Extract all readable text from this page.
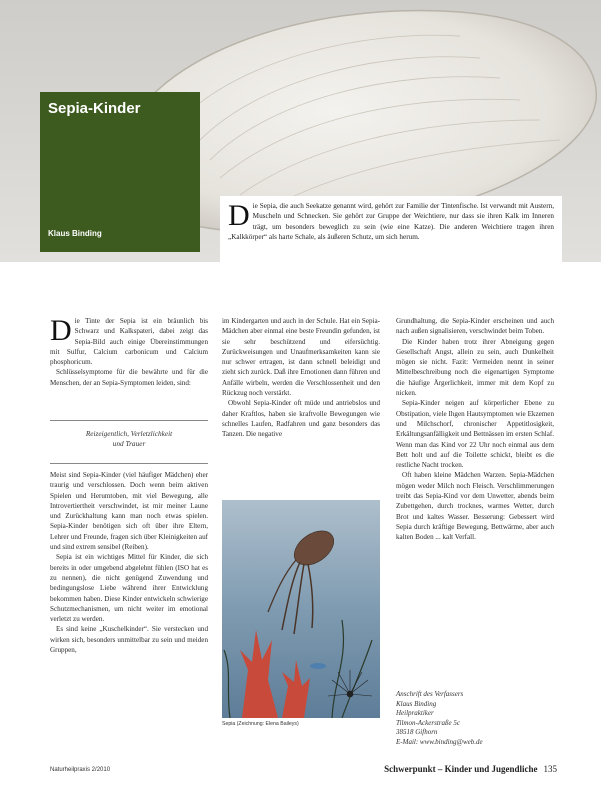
Sepia-Kinder
Klaus Binding
Die Sepia, die auch Seekatze genannt wird, gehört zur Familie der Tintenfische. Ist verwandt mit Austern, Muscheln und Schnecken. Sie gehört zur Gruppe der Weichtiere, nur dass sie ihren Kalk im Inneren trägt, um besonders beweglich zu sein (wie eine Katze). Die anderen Weichtiere tragen ihren „Kalkkörper“ als harte Schale, als äußeren Schutz, um sich herum.

Die Tinte der Sepia ist ein bräunlich bis Schwarz und Kalkspateri, dabei zeigt das Sepia-Bild auch einige Übereinstimmungen mit Sulfur, Calcium carbonicum und Calcium phosphoricum.

Schlüsselsymptome für die bewährte und für die Menschen, der an Sepia-Symptomen leiden, sind:

Reizeigentlich, Verletzlichkeit
und Trauer

Meist sind Sepia-Kinder (viel häufiger Mädchen) eher traurig und verschlossen. Doch wenn beim aktiven Spielen und Herumtoben, mit viel Bewegung, alle Introvertiertheit verschwindet, ist mir meiner Laune und Zurückhaltung kann man noch etwas spielen. Sepia-Kinder benötigen sich oft über ihre Eltern, Lehrer und Freunde, fragen sich über Kleinigkeiten auf und sind extrem sensibel (Reiben).

Sepia ist ein wichtiges Mittel für Kinder, die sich bereits in oder umgebend abgelehnt fühlen (ISO hat es zu nennen), die nicht genügend Zuwendung und bedingungslose Liebe während ihrer Entwicklung bekommen haben. Diese Kinder entwickeln schwierige Schutzmechanismen, um nicht weiter im emotional verletzt zu werden.

Es sind keine „Kuschelkinder“. Sie verstecken und wirken sich, besonders unmittelbar zu sein und meiden Gruppen,

im Kindergarten und auch in der Schule. Hat ein Sepia-Mädchen aber einmal eine beste Freundin gefunden, ist sie sehr beschützend und eifersüchtig. Zurückweisungen und Unaufmerksamkeiten kann sie nur schwer ertragen, ist dann schnell beleidigt und zieht sich zurück. Daß ihre Emotionen dann führen und Anfälle wirbeln, werden die Verschlossenheit und den Rückzug noch verstärkt.

Obwohl Sepia-Kinder oft müde und antriebslos und daher Kraftlos, haben sie kraftvolle Bewegungen wie schnelles Laufen, Radfahren und ganz besonders das Tanzen. Die negative

Sepia (Zeichnung: Elena Baileys)

Grundhaltung, die Sepia-Kinder erscheinen und auch nach außen signalisieren, verschwindet beim Toben.

Die Kinder haben trotz ihrer Abneigung gegen Gesellschaft Angst, allein zu sein, auch Dunkelheit mögen sie nicht. Fazit: Vermeiden nennt in seiner Mittelbeschreibung noch die eigenartigen Symptome die häufige Ärgerlichkeit, immer mit dem Kopf zu nicken.

Sepia-Kinder neigen auf körperlicher Ebene zu Obstipation, viele Ihgen Hautsymptomen wie Ekzemen und Milchschorf, chronischer Appetitlosigkeit, Erkältungsanfälligkeit und Bettnässen im ersten Schlaf. Wenn man das Kind vor 22 Uhr noch einmal aus dem Bett holt und auf die Toilette schickt, bleibt es die restliche Nacht trocken.

Oft haben kleine Mädchen Warzen. Sepia-Mädchen mögen weder Milch noch Fleisch. Verschlimmerungen treibt das Sepia-Kind vor dem Unwetter, abends beim Zubettgehen, durch trocknes, warmes Wetter, durch Brot und kaltes Wasser. Besserung: Gebessert wird Sepia durch kräftige Bewegung, Bettwärme, aber auch kalten Boden ... kalt Verfall.

Anschrift des Verfassers
Klaus Binding
Heilpraktiker
Tilmon-Ackerstraße 5c
38518 Gifhorn
E-Mail: www.binding@web.de
Naturheilpraxis 2/2010	Schwerpunkt – Kinder und Jugendliche 135
